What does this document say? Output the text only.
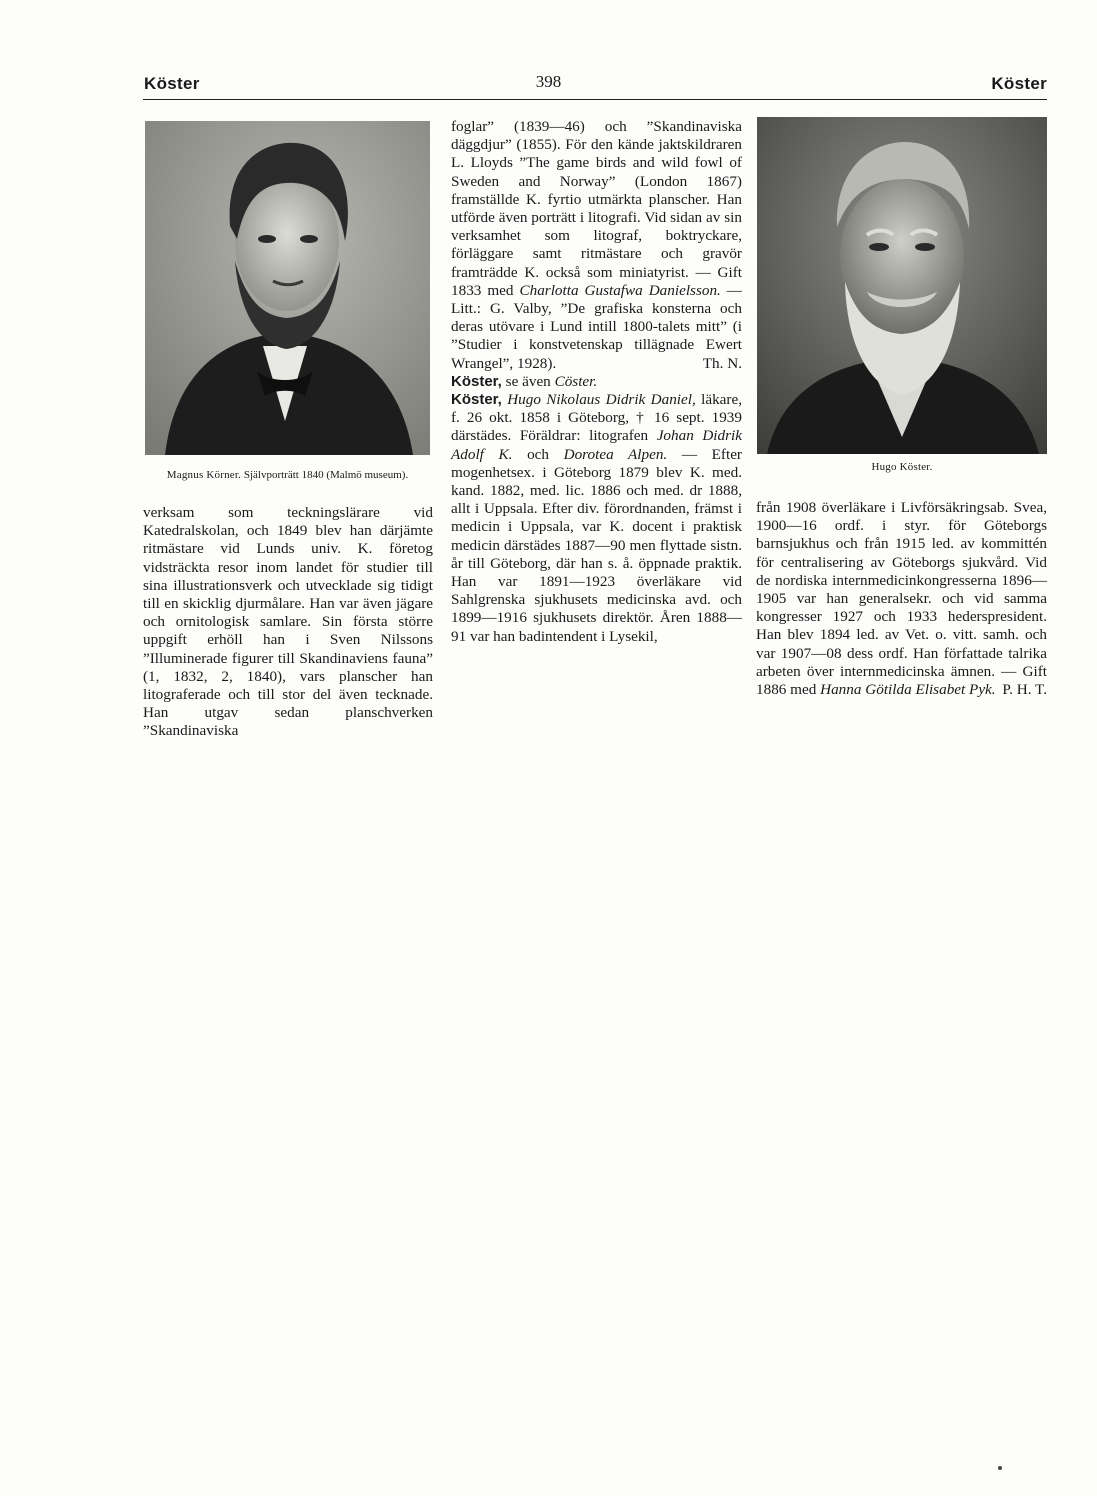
Köster	398	Köster
Magnus Körner. Självporträtt 1840 (Malmö museum).
Hugo Köster.

verksam som teckningslärare vid Katedralskolan, och 1849 blev han därjämte ritmästare vid Lunds univ. K. företog vidsträckta resor inom landet för studier till sina illustrationsverk och utvecklade sig tidigt till en skicklig djurmålare. Han var även jägare och ornitologisk samlare. Sin första större uppgift erhöll han i Sven Nilssons ”Illuminerade figurer till Skandinaviens fauna” (1, 1832, 2, 1840), vars planscher han litograferade och till stor del även tecknade. Han utgav sedan planschverken ”Skandinaviska

foglar” (1839—46) och ”Skandinaviska däggdjur” (1855). För den kände jaktskildraren L. Lloyds ”The game birds and wild fowl of Sweden and Norway” (London 1867) framställde K. fyrtio utmärkta planscher. Han utförde även porträtt i litografi. Vid sidan av sin verksamhet som litograf, boktryckare, förläggare samt ritmästare och gravör framträdde K. också som miniatyrist. — Gift 1833 med Charlotta Gustafwa Danielsson. — Litt.: G. Valby, ”De grafiska konsterna och deras utövare i Lund intill 1800-talets mitt” (i ”Studier i konstvetenskap tillägnade Ewert Wrangel”, 1928).	Th. N.

Köster, se även Cöster.

Köster, Hugo Nikolaus Didrik Daniel, läkare, f. 26 okt. 1858 i Göteborg, † 16 sept. 1939 därstädes. Föräldrar: litografen Johan Didrik Adolf K. och Dorotea Alpen. — Efter mogenhetsex. i Göteborg 1879 blev K. med. kand. 1882, med. lic. 1886 och med. dr 1888, allt i Uppsala. Efter div. förordnanden, främst i medicin i Uppsala, var K. docent i praktisk medicin därstädes 1887—90 men flyttade sistn. år till Göteborg, där han s. å. öppnade praktik. Han var 1891—1923 överläkare vid Sahlgrenska sjukhusets medicinska avd. och 1899—1916 sjukhusets direktör. Åren 1888—91 var han badintendent i Lysekil,

från 1908 överläkare i Livförsäkringsab. Svea, 1900—16 ordf. i styr. för Göteborgs barnsjukhus och från 1915 led. av kommittén för centralisering av Göteborgs sjukvård. Vid de nordiska internmedicinkongresserna 1896—1905 var han generalsekr. och vid samma kongresser 1927 och 1933 hederspresident. Han blev 1894 led. av Vet. o. vitt. samh. och var 1907—08 dess ordf. Han författade talrika arbeten över internmedicinska ämnen. — Gift 1886 med Hanna Götilda Elisabet Pyk. P. H. T.
